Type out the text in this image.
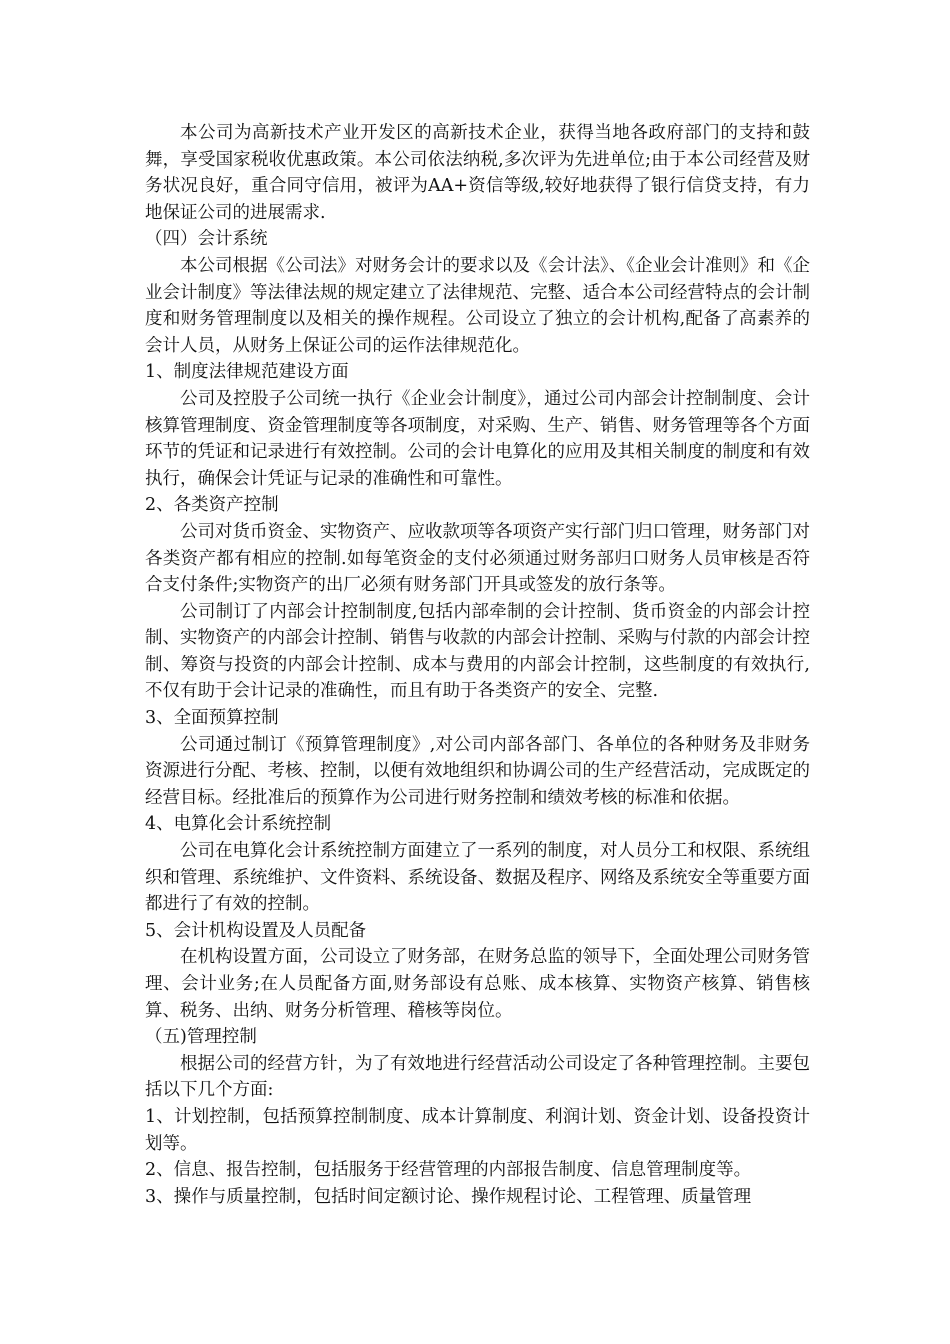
本公司为高新技术产业开发区的高新技术企业，获得当地各政府部门的支持和鼓舞，享受国家税收优惠政策。本公司依法纳税,多次评为先进单位;由于本公司经营及财务状况良好，重合同守信用，被评为AA+资信等级,较好地获得了银行信贷支持，有力地保证公司的进展需求.

（四）会计系统

本公司根据《公司法》对财务会计的要求以及《会计法》、《企业会计准则》和《企业会计制度》等法律法规的规定建立了法律规范、完整、适合本公司经营特点的会计制度和财务管理制度以及相关的操作规程。公司设立了独立的会计机构,配备了高素养的会计人员，从财务上保证公司的运作法律规范化。

1、制度法律规范建设方面

公司及控股子公司统一执行《企业会计制度》，通过公司内部会计控制制度、会计核算管理制度、资金管理制度等各项制度，对采购、生产、销售、财务管理等各个方面环节的凭证和记录进行有效控制。公司的会计电算化的应用及其相关制度的制度和有效执行，确保会计凭证与记录的准确性和可靠性。

2、各类资产控制

公司对货币资金、实物资产、应收款项等各项资产实行部门归口管理，财务部门对各类资产都有相应的控制.如每笔资金的支付必须通过财务部归口财务人员审核是否符合支付条件;实物资产的出厂必须有财务部门开具或签发的放行条等。

公司制订了内部会计控制制度,包括内部牵制的会计控制、货币资金的内部会计控制、实物资产的内部会计控制、销售与收款的内部会计控制、采购与付款的内部会计控制、筹资与投资的内部会计控制、成本与费用的内部会计控制，这些制度的有效执行,不仅有助于会计记录的准确性，而且有助于各类资产的安全、完整.

3、全面预算控制

公司通过制订《预算管理制度》,对公司内部各部门、各单位的各种财务及非财务资源进行分配、考核、控制，以便有效地组织和协调公司的生产经营活动，完成既定的经营目标。经批准后的预算作为公司进行财务控制和绩效考核的标准和依据。

4、电算化会计系统控制

公司在电算化会计系统控制方面建立了一系列的制度，对人员分工和权限、系统组织和管理、系统维护、文件资料、系统设备、数据及程序、网络及系统安全等重要方面都进行了有效的控制。

5、会计机构设置及人员配备

在机构设置方面，公司设立了财务部，在财务总监的领导下，全面处理公司财务管理、会计业务;在人员配备方面,财务部设有总账、成本核算、实物资产核算、销售核算、税务、出纳、财务分析管理、稽核等岗位。

（五)管理控制

根据公司的经营方针，为了有效地进行经营活动公司设定了各种管理控制。主要包括以下几个方面:

1、计划控制，包括预算控制制度、成本计算制度、利润计划、资金计划、设备投资计划等。

2、信息、报告控制，包括服务于经营管理的内部报告制度、信息管理制度等。

3、操作与质量控制，包括时间定额讨论、操作规程讨论、工程管理、质量管理
